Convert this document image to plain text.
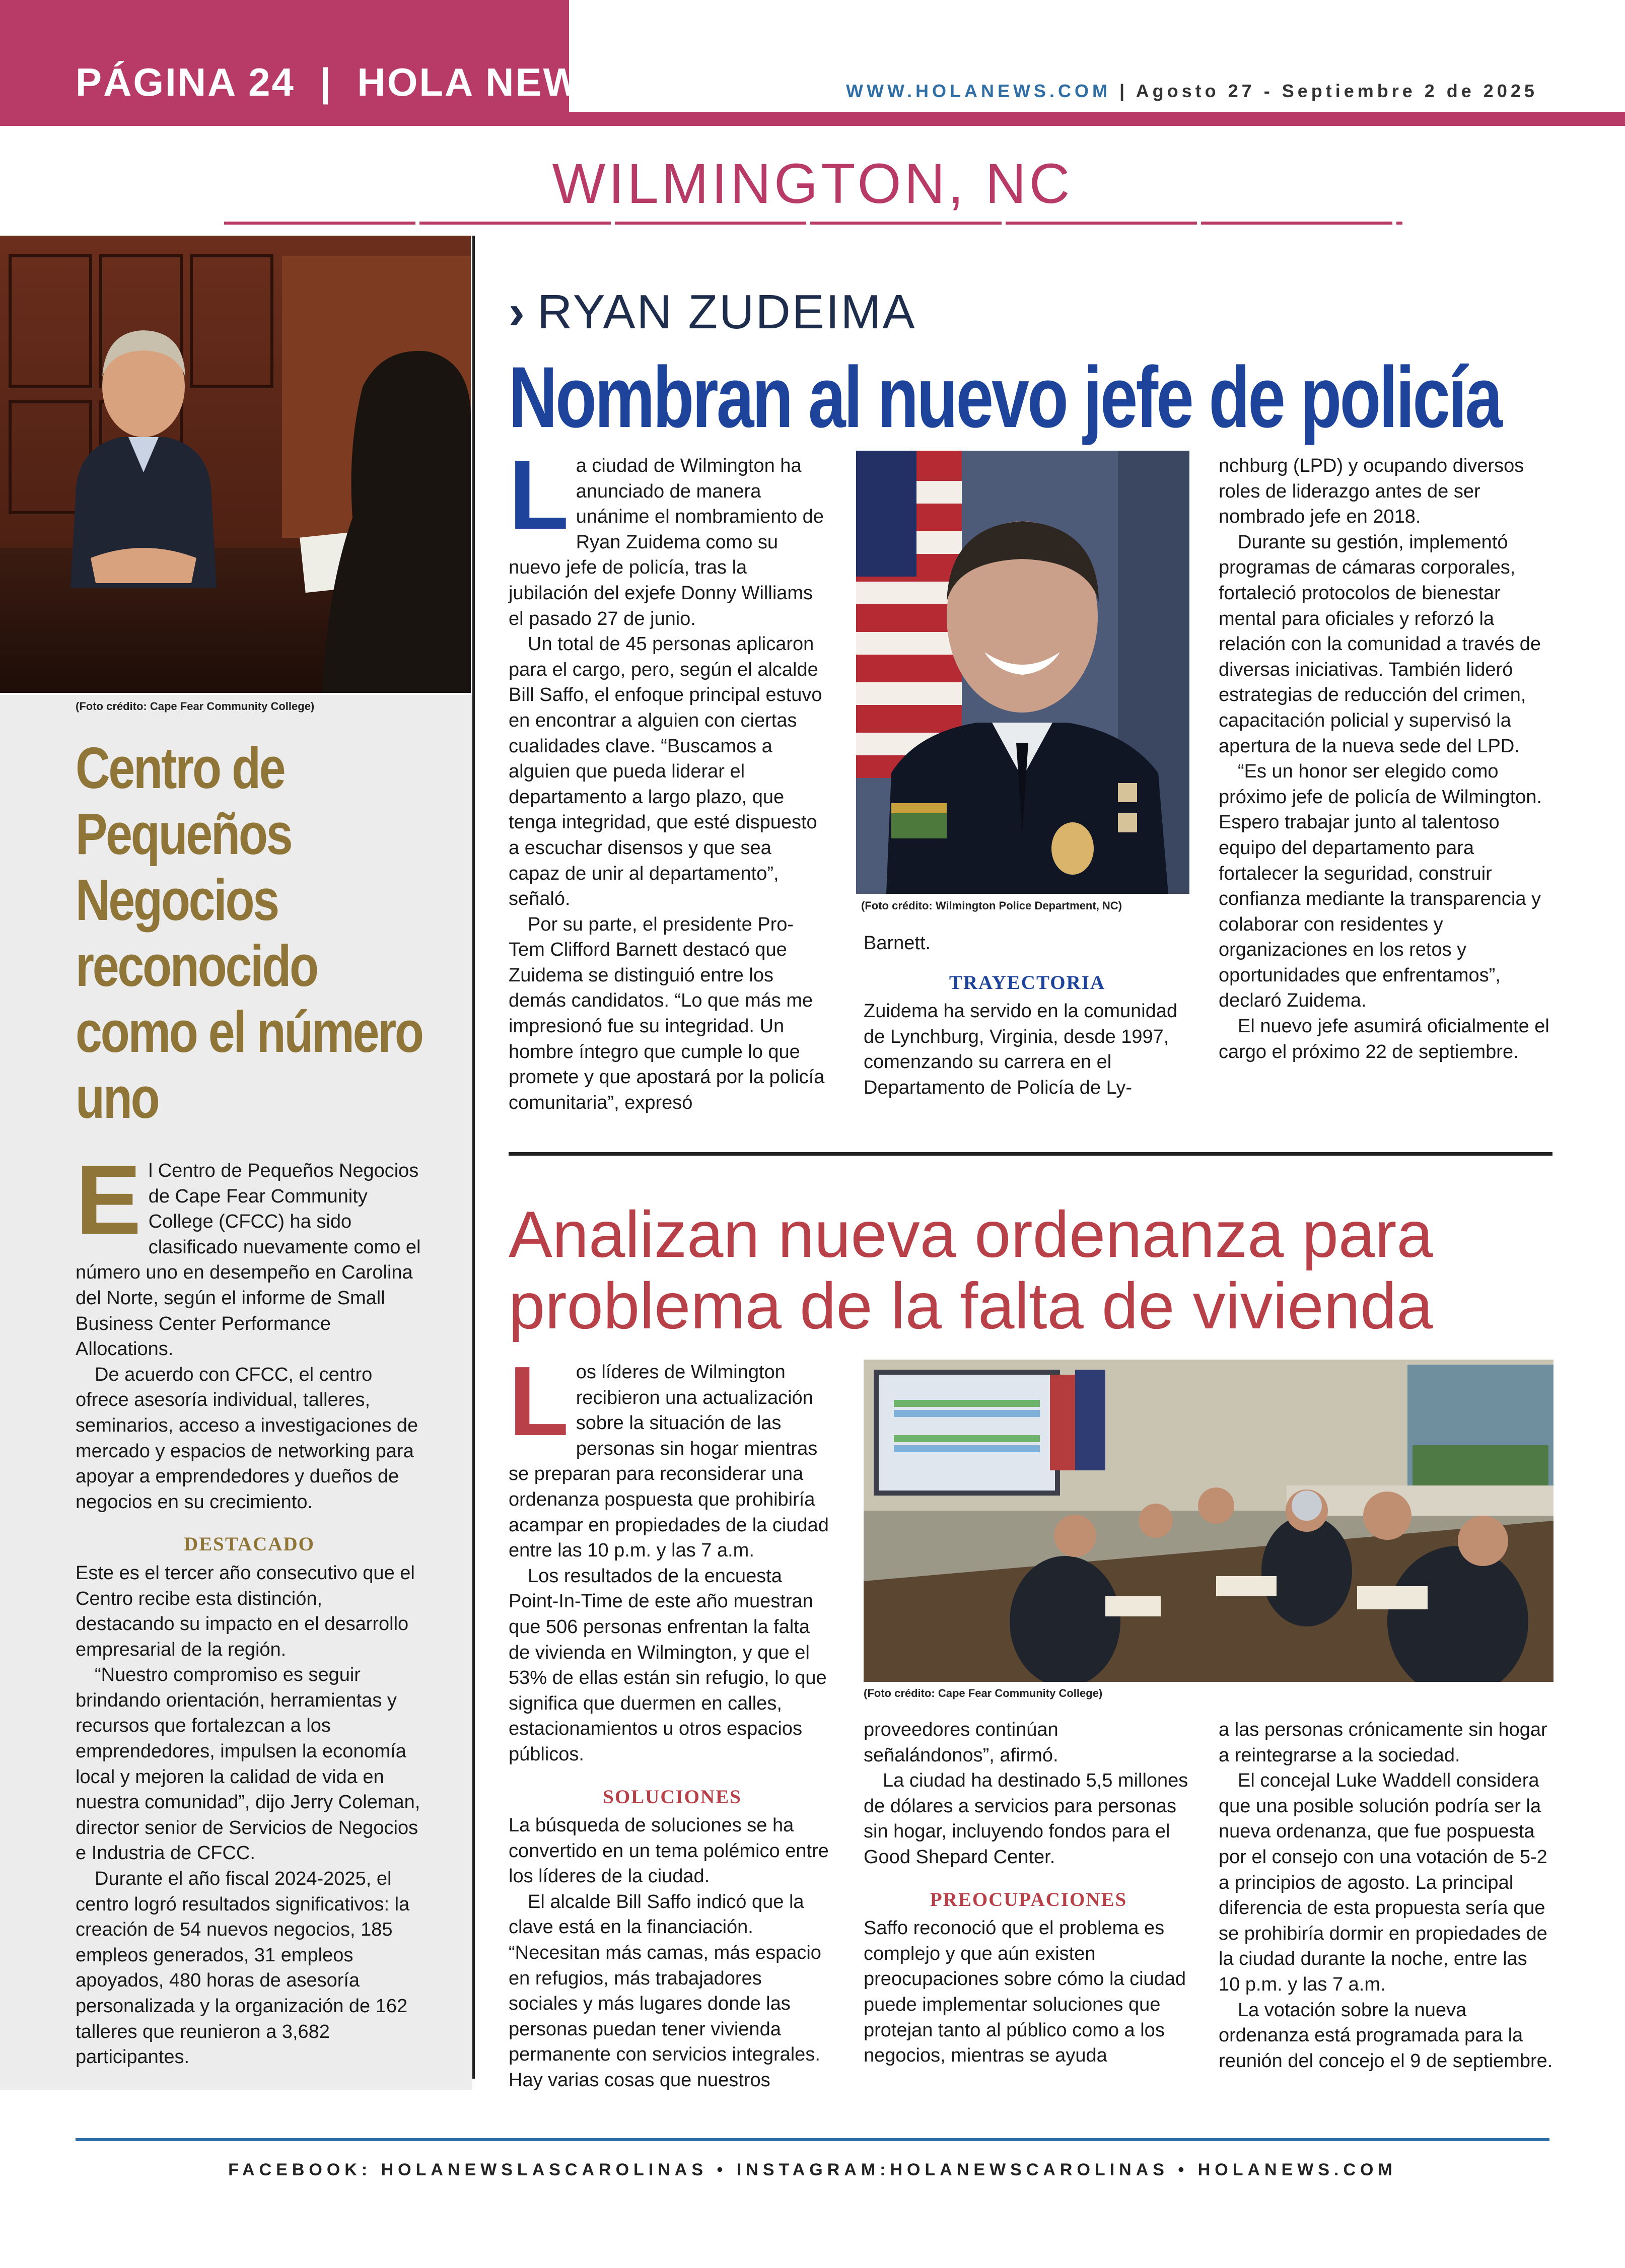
PÁGINA 24  |  HOLA NEWS	WWW.HOLANEWS.COM | Agosto 27 - Septiembre 2 de 2025
WILMINGTON, NC
(Foto crédito: Cape Fear Community College)
Centro de Pequeños Negocios reconocido como el número uno

El Centro de Pequeños Negocios de Cape Fear Community College (CFCC) ha sido clasificado nuevamente como el número uno en desempeño en Carolina del Norte, según el informe de Small Business Center Performance Allocations.

De acuerdo con CFCC, el centro ofrece asesoría individual, talleres, seminarios, acceso a investigaciones de mercado y espacios de networking para apoyar a emprendedores y dueños de negocios en su crecimiento.

DESTACADO

Este es el tercer año consecutivo que el Centro recibe esta distinción, destacando su impacto en el desarrollo empresarial de la región.

“Nuestro compromiso es seguir brindando orientación, herramientas y recursos que fortalezcan a los emprendedores, impulsen la economía local y mejoren la calidad de vida en nuestra comunidad”, dijo Jerry Coleman, director senior de Servicios de Negocios e Industria de CFCC.

Durante el año fiscal 2024-2025, el centro logró resultados significativos: la creación de 54 nuevos negocios, 185 empleos generados, 31 empleos apoyados, 480 horas de asesoría personalizada y la organización de 162 talleres que reunieron a 3,682 participantes.

› RYAN ZUDEIMA
Nombran al nuevo jefe de policía

La ciudad de Wilmington ha anunciado de manera unánime el nombramiento de Ryan Zuidema como su nuevo jefe de policía, tras la jubilación del exjefe Donny Williams el pasado 27 de junio.

Un total de 45 personas aplicaron para el cargo, pero, según el alcalde Bill Saffo, el enfoque principal estuvo en encontrar a alguien con ciertas cualidades clave. “Buscamos a alguien que pueda liderar el departamento a largo plazo, que tenga integridad, que esté dispuesto a escuchar disensos y que sea capaz de unir al departamento”, señaló.

Por su parte, el presidente Pro-Tem Clifford Barnett destacó que Zuidema se distinguió entre los demás candidatos. “Lo que más me impresionó fue su integridad. Un hombre íntegro que cumple lo que promete y que apostará por la policía comunitaria”, expresó

(Foto crédito: Wilmington Police Department, NC)

Barnett.

TRAYECTORIA

Zuidema ha servido en la comunidad de Lynchburg, Virginia, desde 1997, comenzando su carrera en el Departamento de Policía de Ly-

nchburg (LPD) y ocupando diversos roles de liderazgo antes de ser nombrado jefe en 2018.

Durante su gestión, implementó programas de cámaras corporales, fortaleció protocolos de bienestar mental para oficiales y reforzó la relación con la comunidad a través de diversas iniciativas. También lideró estrategias de reducción del crimen, capacitación policial y supervisó la apertura de la nueva sede del LPD.

“Es un honor ser elegido como próximo jefe de policía de Wilmington. Espero trabajar junto al talentoso equipo del departamento para fortalecer la seguridad, construir confianza mediante la transparencia y colaborar con residentes y organizaciones en los retos y oportunidades que enfrentamos”, declaró Zuidema.

El nuevo jefe asumirá oficialmente el cargo el próximo 22 de septiembre.

Analizan nueva ordenanza para problema de la falta de vivienda

Los líderes de Wilmington recibieron una actualización sobre la situación de las personas sin hogar mientras se preparan para reconsiderar una ordenanza pospuesta que prohibiría acampar en propiedades de la ciudad entre las 10 p.m. y las 7 a.m.

Los resultados de la encuesta Point-In-Time de este año muestran que 506 personas enfrentan la falta de vivienda en Wilmington, y que el 53% de ellas están sin refugio, lo que significa que duermen en calles, estacionamientos u otros espacios públicos.

SOLUCIONES

La búsqueda de soluciones se ha convertido en un tema polémico entre los líderes de la ciudad.

El alcalde Bill Saffo indicó que la clave está en la financiación. “Necesitan más camas, más espacio en refugios, más trabajadores sociales y más lugares donde las personas puedan tener vivienda permanente con servicios integrales. Hay varias cosas que nuestros

(Foto crédito: Cape Fear Community College)

proveedores continúan señalándonos”, afirmó.

La ciudad ha destinado 5,5 millones de dólares a servicios para personas sin hogar, incluyendo fondos para el Good Shepard Center.

PREOCUPACIONES

Saffo reconoció que el problema es complejo y que aún existen preocupaciones sobre cómo la ciudad puede implementar soluciones que protejan tanto al público como a los negocios, mientras se ayuda

a las personas crónicamente sin hogar a reintegrarse a la sociedad.

El concejal Luke Waddell considera que una posible solución podría ser la nueva ordenanza, que fue pospuesta por el consejo con una votación de 5-2 a principios de agosto. La principal diferencia de esta propuesta sería que se prohibiría dormir en propiedades de la ciudad durante la noche, entre las 10 p.m. y las 7 a.m.

La votación sobre la nueva ordenanza está programada para la reunión del concejo el 9 de septiembre.

FACEBOOK: HOLANEWSLASCAROLINAS • INSTAGRAM:HOLANEWSCAROLINAS • HOLANEWS.COM
